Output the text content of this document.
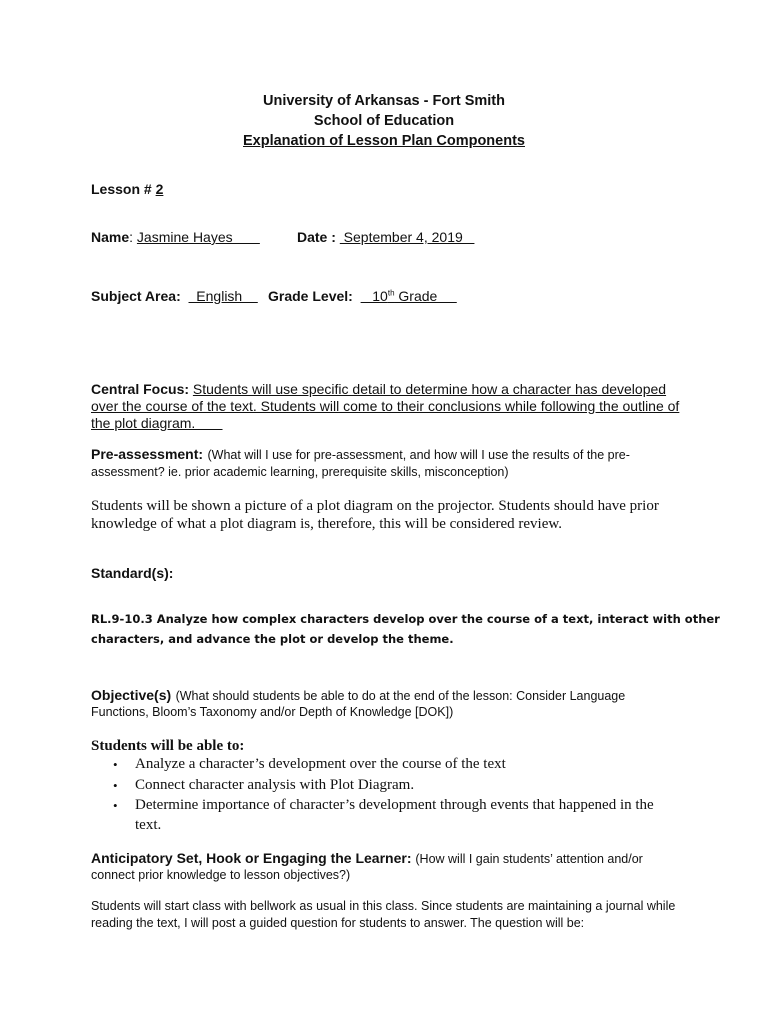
University of Arkansas - Fort Smith
School of Education
Explanation of Lesson Plan Components
Lesson # 2
Name: Jasmine Hayes	Date :  September 4, 2019
Subject Area:    English Grade Level:     10th Grade
Central Focus: Students will use specific detail to determine how a character has developed
over the course of the text. Students will come to their conclusions while following the outline of
the plot diagram.
Pre-assessment: (What will I use for pre-assessment, and how will I use the results of the pre-
assessment? ie. prior academic learning, prerequisite skills, misconception)
Students will be shown a picture of a plot diagram on the projector. Students should have prior
knowledge of what a plot diagram is, therefore, this will be considered review.
Standard(s):
RL.9-10.3 Analyze how complex characters develop over the course of a text, interact with other
characters, and advance the plot or develop the theme.
Objective(s) (What should students be able to do at the end of the lesson: Consider Language
Functions, Bloom’s Taxonomy and/or Depth of Knowledge [DOK])
Students will be able to:
• Analyze a character’s development over the course of the text
• Connect character analysis with Plot Diagram.
• Determine importance of character’s development through events that happened in the
text.
Anticipatory Set, Hook or Engaging the Learner: (How will I gain students’ attention and/or
connect prior knowledge to lesson objectives?)
Students will start class with bellwork as usual in this class. Since students are maintaining a journal while
reading the text, I will post a guided question for students to answer. The question will be:
